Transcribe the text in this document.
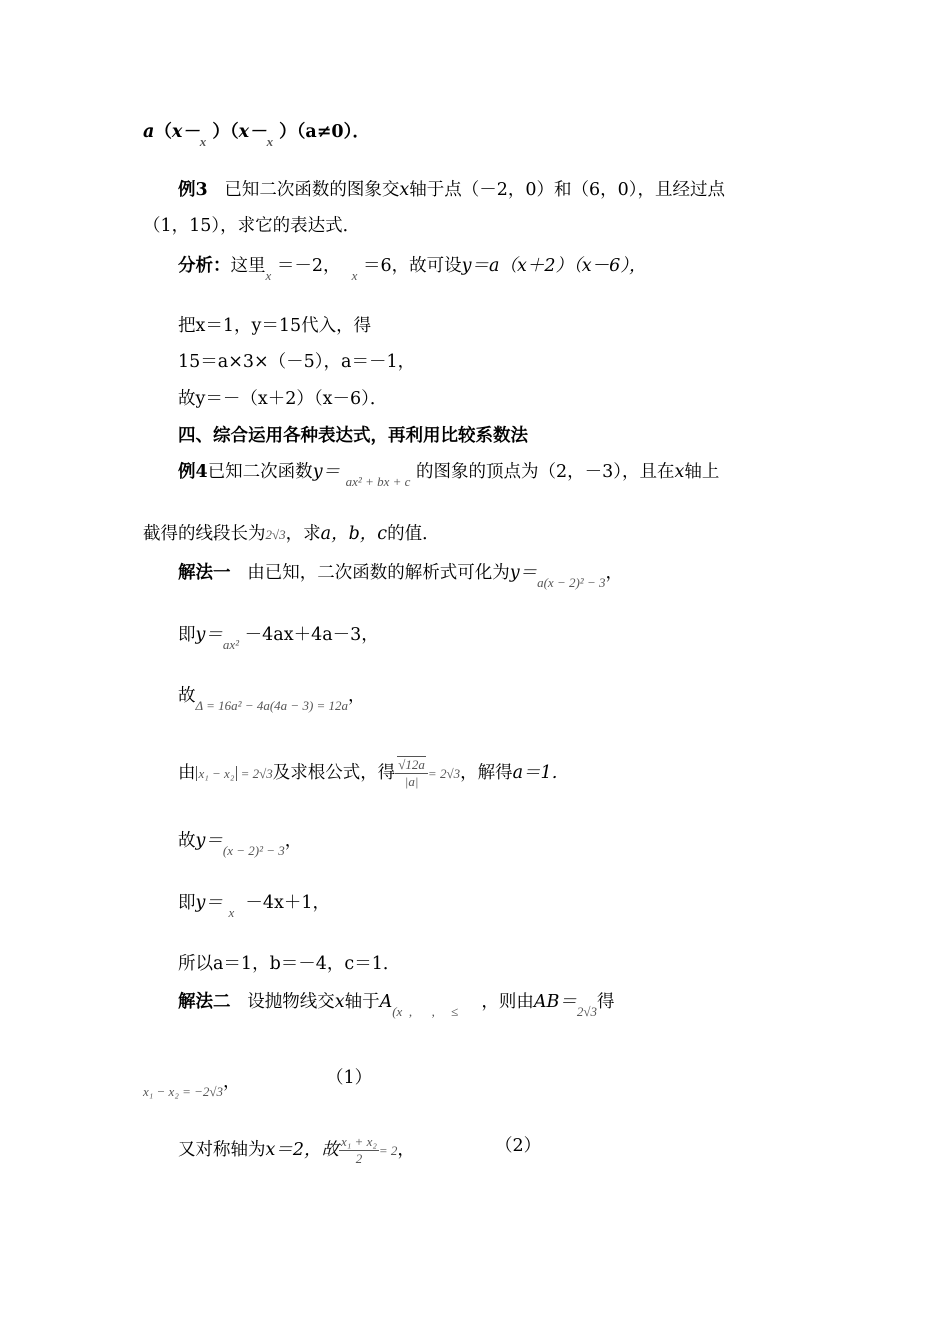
$a(x-_x$ ）（$x-_x$ ）（a≠0）．
例3 已知二次函数的图象交x轴于点（－2，0）和（6，0），且经过点
（1，15），求它的表达式．
分析：这里$_x$ ＝－2， $_x$ ＝6，故可设y＝a（x＋2）（x－6），
把x＝1，y＝15代入，得
15＝a×3×（－5），a＝－1，
故y＝－（x＋2）（x－6）．
四、综合运用各种表达式，再利用比较系数法
例4已知二次函数y＝ $_{ax^2 + bx + c}$ 的图象的顶点为（2，－3），且在x轴上
截得的线段长为2√3，求a，b，c的值．
解法一 由已知，二次函数的解析式可化为$y=_{a(x - 2)^2 - 3}$，
即$y=_{ax^2} -4ax+4a-3$，
故$_{\Delta = 16a^2 - 4a(4a - 3) = 12a}$，
由 x₁ − x₂ = 2√3及求根公式，得 $\frac{√12a}{|a|} = 2√3$，解得a＝1．
故$y=_{(x - 2)^2 - 3}$，
即y＝ $_x$ －4x＋1，
所以a＝1，b＝－4，c＝1．
解法二 设抛物线交x轴于$A_{(x , , \le}$     ，则由$AB=_{2√3}$得
$_{x_1 - x_2 = -2√3}$，	（1）
又对称轴为x＝2，故 $\frac{\text{x₁ + x₂}}{2} = 2$，	（2）
